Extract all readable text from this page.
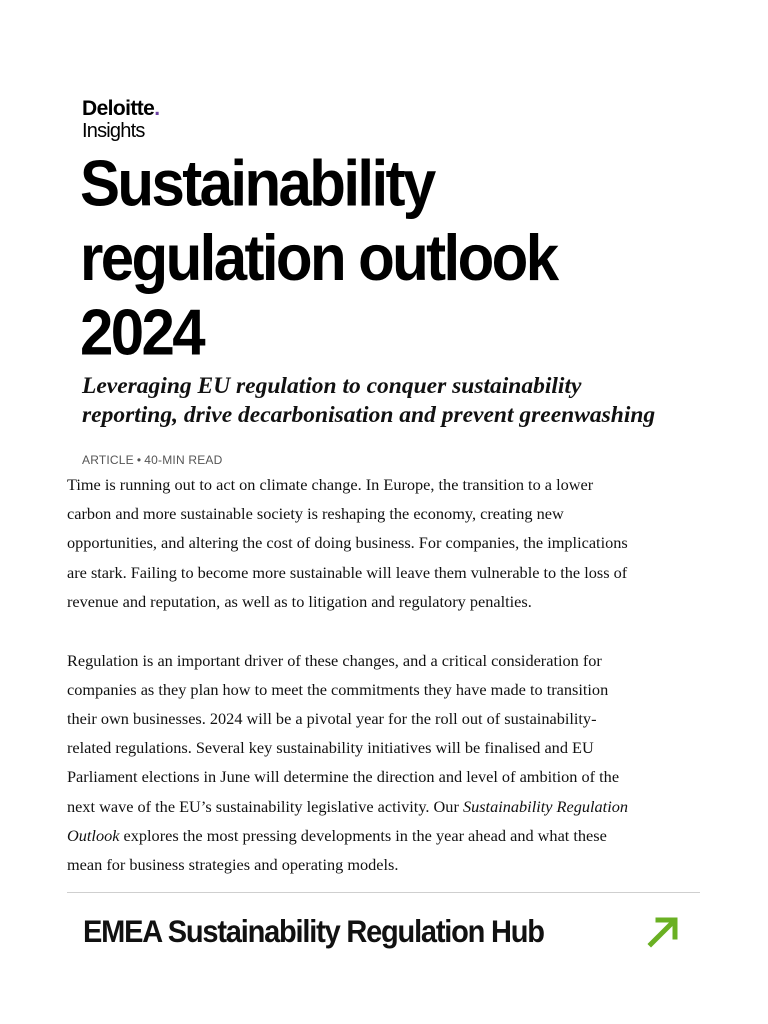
Deloitte.
Insights
Sustainability
regulation outlook
2024
Leveraging EU regulation to conquer sustainability
reporting, drive decarbonisation and prevent greenwashing
ARTICLE • 40-MIN READ

Time is running out to act on climate change. In Europe, the transition to a lower
carbon and more sustainable society is reshaping the economy, creating new
opportunities, and altering the cost of doing business. For companies, the implications
are stark. Failing to become more sustainable will leave them vulnerable to the loss of
revenue and reputation, as well as to litigation and regulatory penalties.

Regulation is an important driver of these changes, and a critical consideration for
companies as they plan how to meet the commitments they have made to transition
their own businesses. 2024 will be a pivotal year for the roll out of sustainability-
related regulations. Several key sustainability initiatives will be finalised and EU
Parliament elections in June will determine the direction and level of ambition of the
next wave of the EU’s sustainability legislative activity. Our Sustainability Regulation
Outlook explores the most pressing developments in the year ahead and what these
mean for business strategies and operating models.

EMEA Sustainability Regulation Hub
